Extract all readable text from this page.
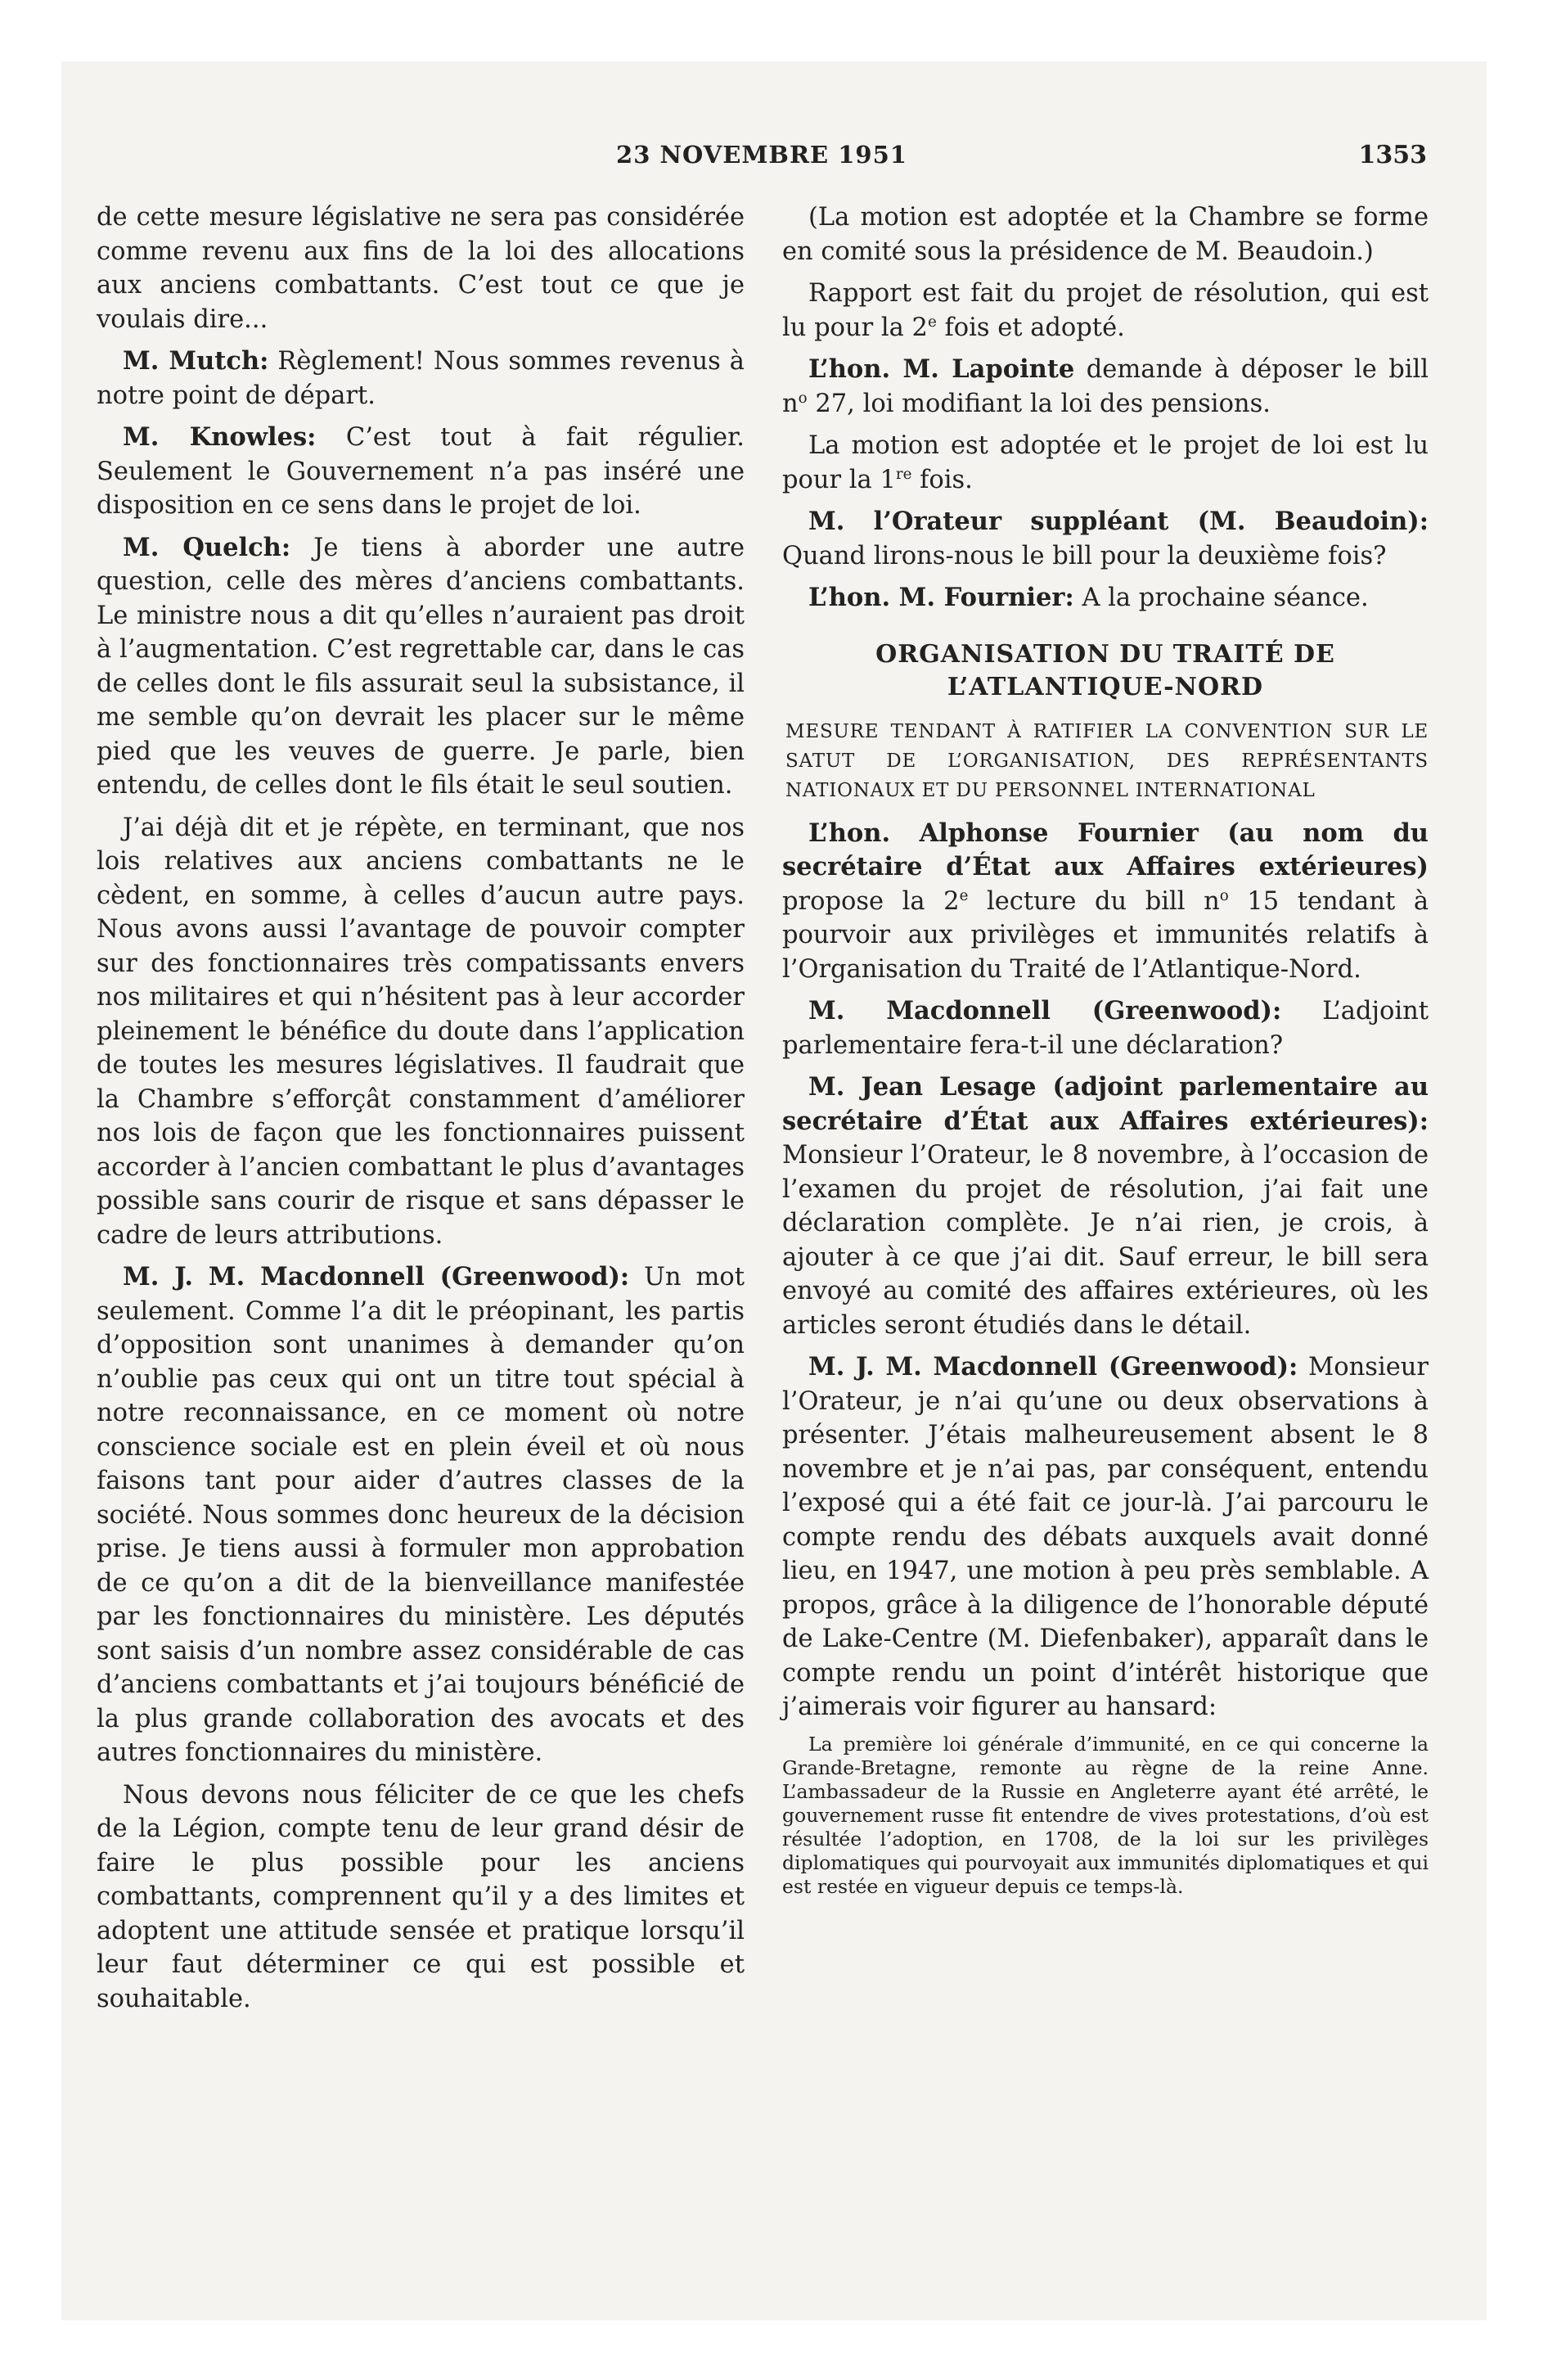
23 NOVEMBRE 1951	1353

de cette mesure législative ne sera pas considérée comme revenu aux fins de la loi des allocations aux anciens combattants. C’est tout ce que je voulais dire...

M. Mutch: Règlement! Nous sommes revenus à notre point de départ.

M. Knowles: C’est tout à fait régulier. Seulement le Gouvernement n’a pas inséré une disposition en ce sens dans le projet de loi.

M. Quelch: Je tiens à aborder une autre question, celle des mères d’anciens combattants. Le ministre nous a dit qu’elles n’auraient pas droit à l’augmentation. C’est regrettable car, dans le cas de celles dont le fils assurait seul la subsistance, il me semble qu’on devrait les placer sur le même pied que les veuves de guerre. Je parle, bien entendu, de celles dont le fils était le seul soutien.

J’ai déjà dit et je répète, en terminant, que nos lois relatives aux anciens combattants ne le cèdent, en somme, à celles d’aucun autre pays. Nous avons aussi l’avantage de pouvoir compter sur des fonctionnaires très compatissants envers nos militaires et qui n’hésitent pas à leur accorder pleinement le bénéfice du doute dans l’application de toutes les mesures législatives. Il faudrait que la Chambre s’efforçât constamment d’améliorer nos lois de façon que les fonctionnaires puissent accorder à l’ancien combattant le plus d’avantages possible sans courir de risque et sans dépasser le cadre de leurs attributions.

M. J. M. Macdonnell (Greenwood): Un mot seulement. Comme l’a dit le préopinant, les partis d’opposition sont unanimes à demander qu’on n’oublie pas ceux qui ont un titre tout spécial à notre reconnaissance, en ce moment où notre conscience sociale est en plein éveil et où nous faisons tant pour aider d’autres classes de la société. Nous sommes donc heureux de la décision prise. Je tiens aussi à formuler mon approbation de ce qu’on a dit de la bienveillance manifestée par les fonctionnaires du ministère. Les députés sont saisis d’un nombre assez considérable de cas d’anciens combattants et j’ai toujours bénéficié de la plus grande collaboration des avocats et des autres fonctionnaires du ministère.

Nous devons nous féliciter de ce que les chefs de la Légion, compte tenu de leur grand désir de faire le plus possible pour les anciens combattants, comprennent qu’il y a des limites et adoptent une attitude sensée et pratique lorsqu’il leur faut déterminer ce qui est possible et souhaitable.

(La motion est adoptée et la Chambre se forme en comité sous la présidence de M. Beaudoin.)

Rapport est fait du projet de résolution, qui est lu pour la 2e fois et adopté.

L’hon. M. Lapointe demande à déposer le bill $n^o$ 27, loi modifiant la loi des pensions.

La motion est adoptée et le projet de loi est lu pour la 1re fois.

M. l’Orateur suppléant (M. Beaudoin): Quand lirons-nous le bill pour la deuxième fois?

L’hon. M. Fournier: A la prochaine séance.

ORGANISATION DU TRAITÉ DE
L’ATLANTIQUE-NORD
MESURE TENDANT À RATIFIER LA CONVENTION SUR LE SATUT DE L’ORGANISATION, DES REPRÉSENTANTS NATIONAUX ET DU PERSONNEL INTERNATIONAL

L’hon. Alphonse Fournier (au nom du secrétaire d’État aux Affaires extérieures) propose la 2e lecture du bill $n^o$ 15 tendant à pourvoir aux privilèges et immunités relatifs à l’Organisation du Traité de l’Atlantique-Nord.

M. Macdonnell (Greenwood): L’adjoint parlementaire fera-t-il une déclaration?

M. Jean Lesage (adjoint parlementaire au secrétaire d’État aux Affaires extérieures): Monsieur l’Orateur, le 8 novembre, à l’occasion de l’examen du projet de résolution, j’ai fait une déclaration complète. Je n’ai rien, je crois, à ajouter à ce que j’ai dit. Sauf erreur, le bill sera envoyé au comité des affaires extérieures, où les articles seront étudiés dans le détail.

M. J. M. Macdonnell (Greenwood): Monsieur l’Orateur, je n’ai qu’une ou deux observations à présenter. J’étais malheureusement absent le 8 novembre et je n’ai pas, par conséquent, entendu l’exposé qui a été fait ce jour-là. J’ai parcouru le compte rendu des débats auxquels avait donné lieu, en 1947, une motion à peu près semblable. A propos, grâce à la diligence de l’honorable député de Lake-Centre (M. Diefenbaker), apparaît dans le compte rendu un point d’intérêt historique que j’aimerais voir figurer au hansard:

La première loi générale d’immunité, en ce qui concerne la Grande-Bretagne, remonte au règne de la reine Anne. L’ambassadeur de la Russie en Angleterre ayant été arrêté, le gouvernement russe fit entendre de vives protestations, d’où est résultée l’adoption, en 1708, de la loi sur les privilèges diplomatiques qui pourvoyait aux immunités diplomatiques et qui est restée en vigueur depuis ce temps-là.
